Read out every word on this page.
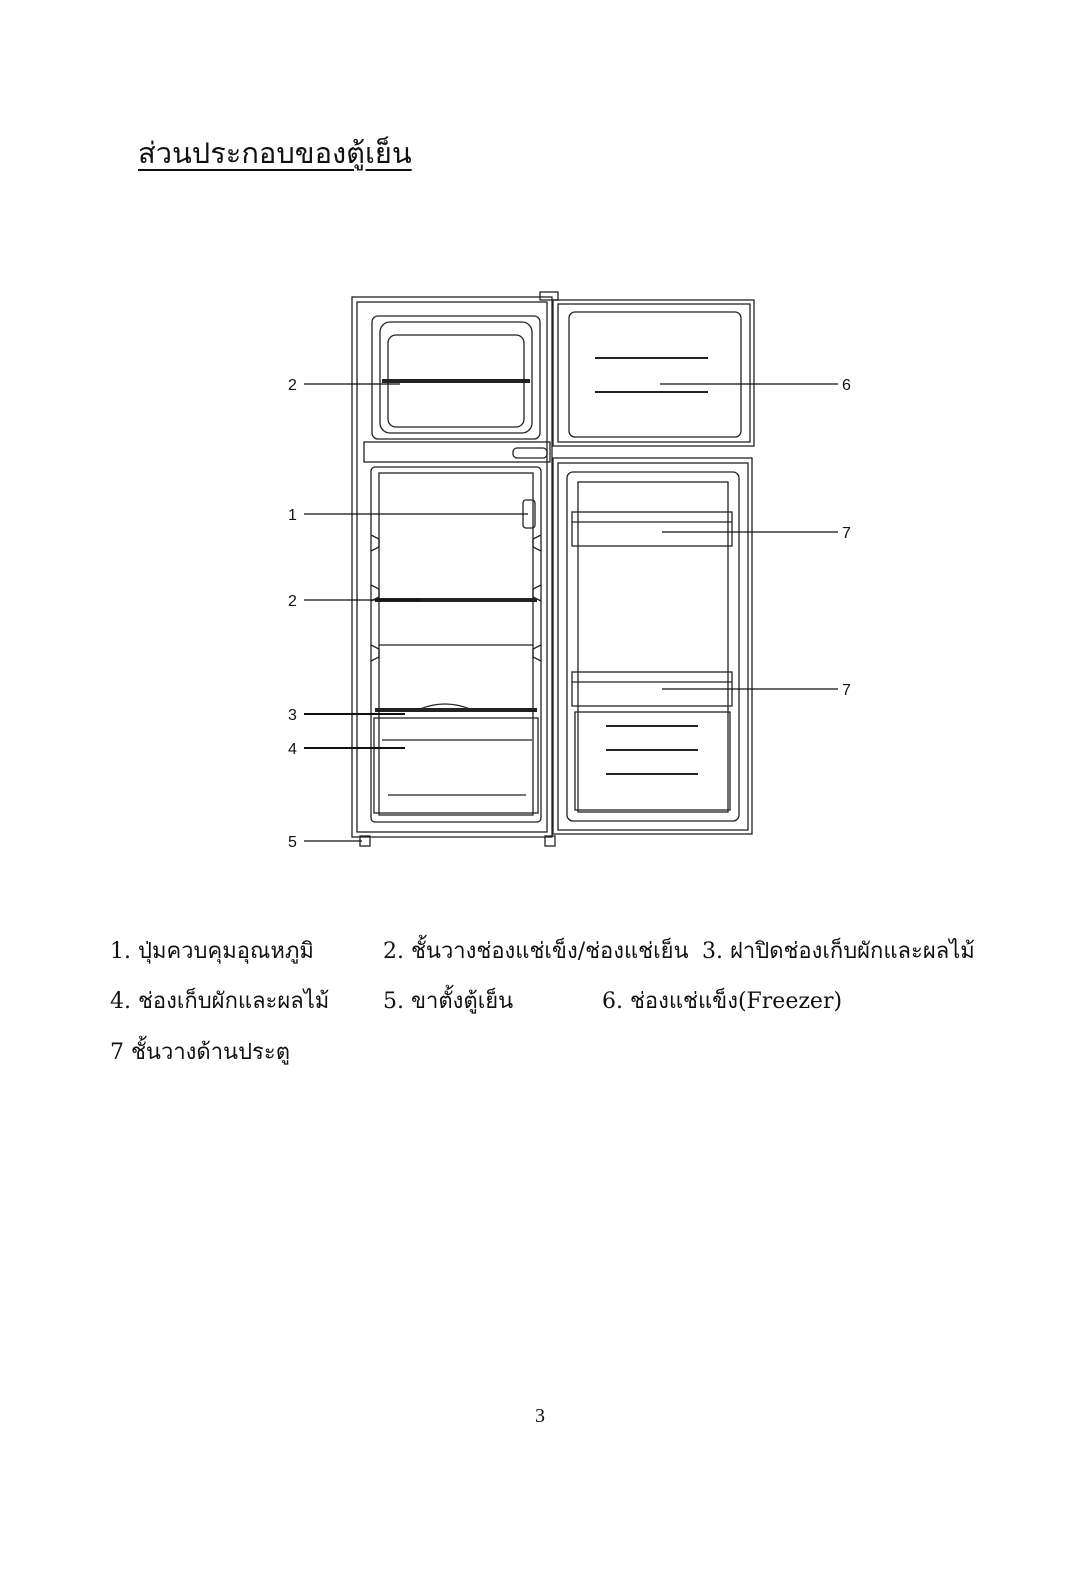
ส่วนประกอบของตู้เย็น
2
1
2
3
4
5
6
7
7
1. ปุ่มควบคุมอุณหภูมิ	2. ชั้นวางช่องแช่เข็ง/ช่องแช่เย็น 3. ฝาปิดช่องเก็บผักและผลไม้
4. ช่องเก็บผักและผลไม้ 5. ขาตั้งตู้เย็น	6. ช่องแช่แข็ง(Freezer)
7 ชั้นวางด้านประตู
3
